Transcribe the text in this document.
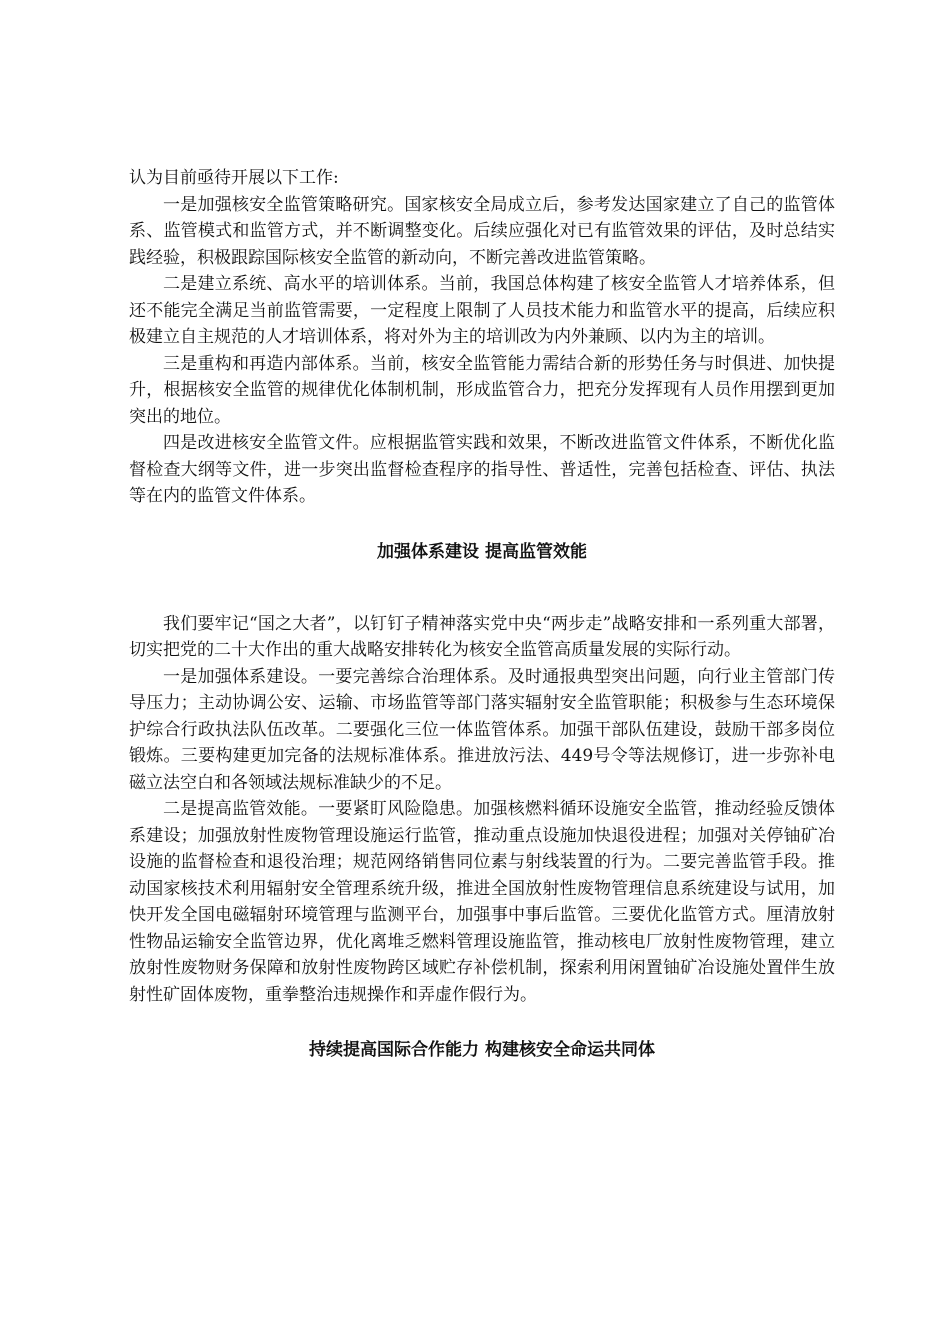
认为目前亟待开展以下工作:

一是加强核安全监管策略研究。国家核安全局成立后，参考发达国家建立了自己的监管体系、监管模式和监管方式，并不断调整变化。后续应强化对已有监管效果的评估，及时总结实践经验，积极跟踪国际核安全监管的新动向，不断完善改进监管策略。

二是建立系统、高水平的培训体系。当前，我国总体构建了核安全监管人才培养体系，但还不能完全满足当前监管需要，一定程度上限制了人员技术能力和监管水平的提高，后续应积极建立自主规范的人才培训体系，将对外为主的培训改为内外兼顾、以内为主的培训。

三是重构和再造内部体系。当前，核安全监管能力需结合新的形势任务与时俱进、加快提升，根据核安全监管的规律优化体制机制，形成监管合力，把充分发挥现有人员作用摆到更加突出的地位。

四是改进核安全监管文件。应根据监管实践和效果，不断改进监管文件体系，不断优化监督检查大纲等文件，进一步突出监督检查程序的指导性、普适性，完善包括检查、评估、执法等在内的监管文件体系。

加强体系建设 提高监管效能

我们要牢记“国之大者”，以钉钉子精神落实党中央“两步走”战略安排和一系列重大部署，切实把党的二十大作出的重大战略安排转化为核安全监管高质量发展的实际行动。

一是加强体系建设。一要完善综合治理体系。及时通报典型突出问题，向行业主管部门传导压力；主动协调公安、运输、市场监管等部门落实辐射安全监管职能；积极参与生态环境保护综合行政执法队伍改革。二要强化三位一体监管体系。加强干部队伍建设，鼓励干部多岗位锻炼。三要构建更加完备的法规标准体系。推进放污法、449号令等法规修订，进一步弥补电磁立法空白和各领域法规标准缺少的不足。

二是提高监管效能。一要紧盯风险隐患。加强核燃料循环设施安全监管，推动经验反馈体系建设；加强放射性废物管理设施运行监管，推动重点设施加快退役进程；加强对关停铀矿冶设施的监督检查和退役治理；规范网络销售同位素与射线装置的行为。二要完善监管手段。推动国家核技术利用辐射安全管理系统升级，推进全国放射性废物管理信息系统建设与试用，加快开发全国电磁辐射环境管理与监测平台，加强事中事后监管。三要优化监管方式。厘清放射性物品运输安全监管边界，优化离堆乏燃料管理设施监管，推动核电厂放射性废物管理，建立放射性废物财务保障和放射性废物跨区域贮存补偿机制，探索利用闲置铀矿冶设施处置伴生放射性矿固体废物，重拳整治违规操作和弄虚作假行为。

持续提高国际合作能力 构建核安全命运共同体
